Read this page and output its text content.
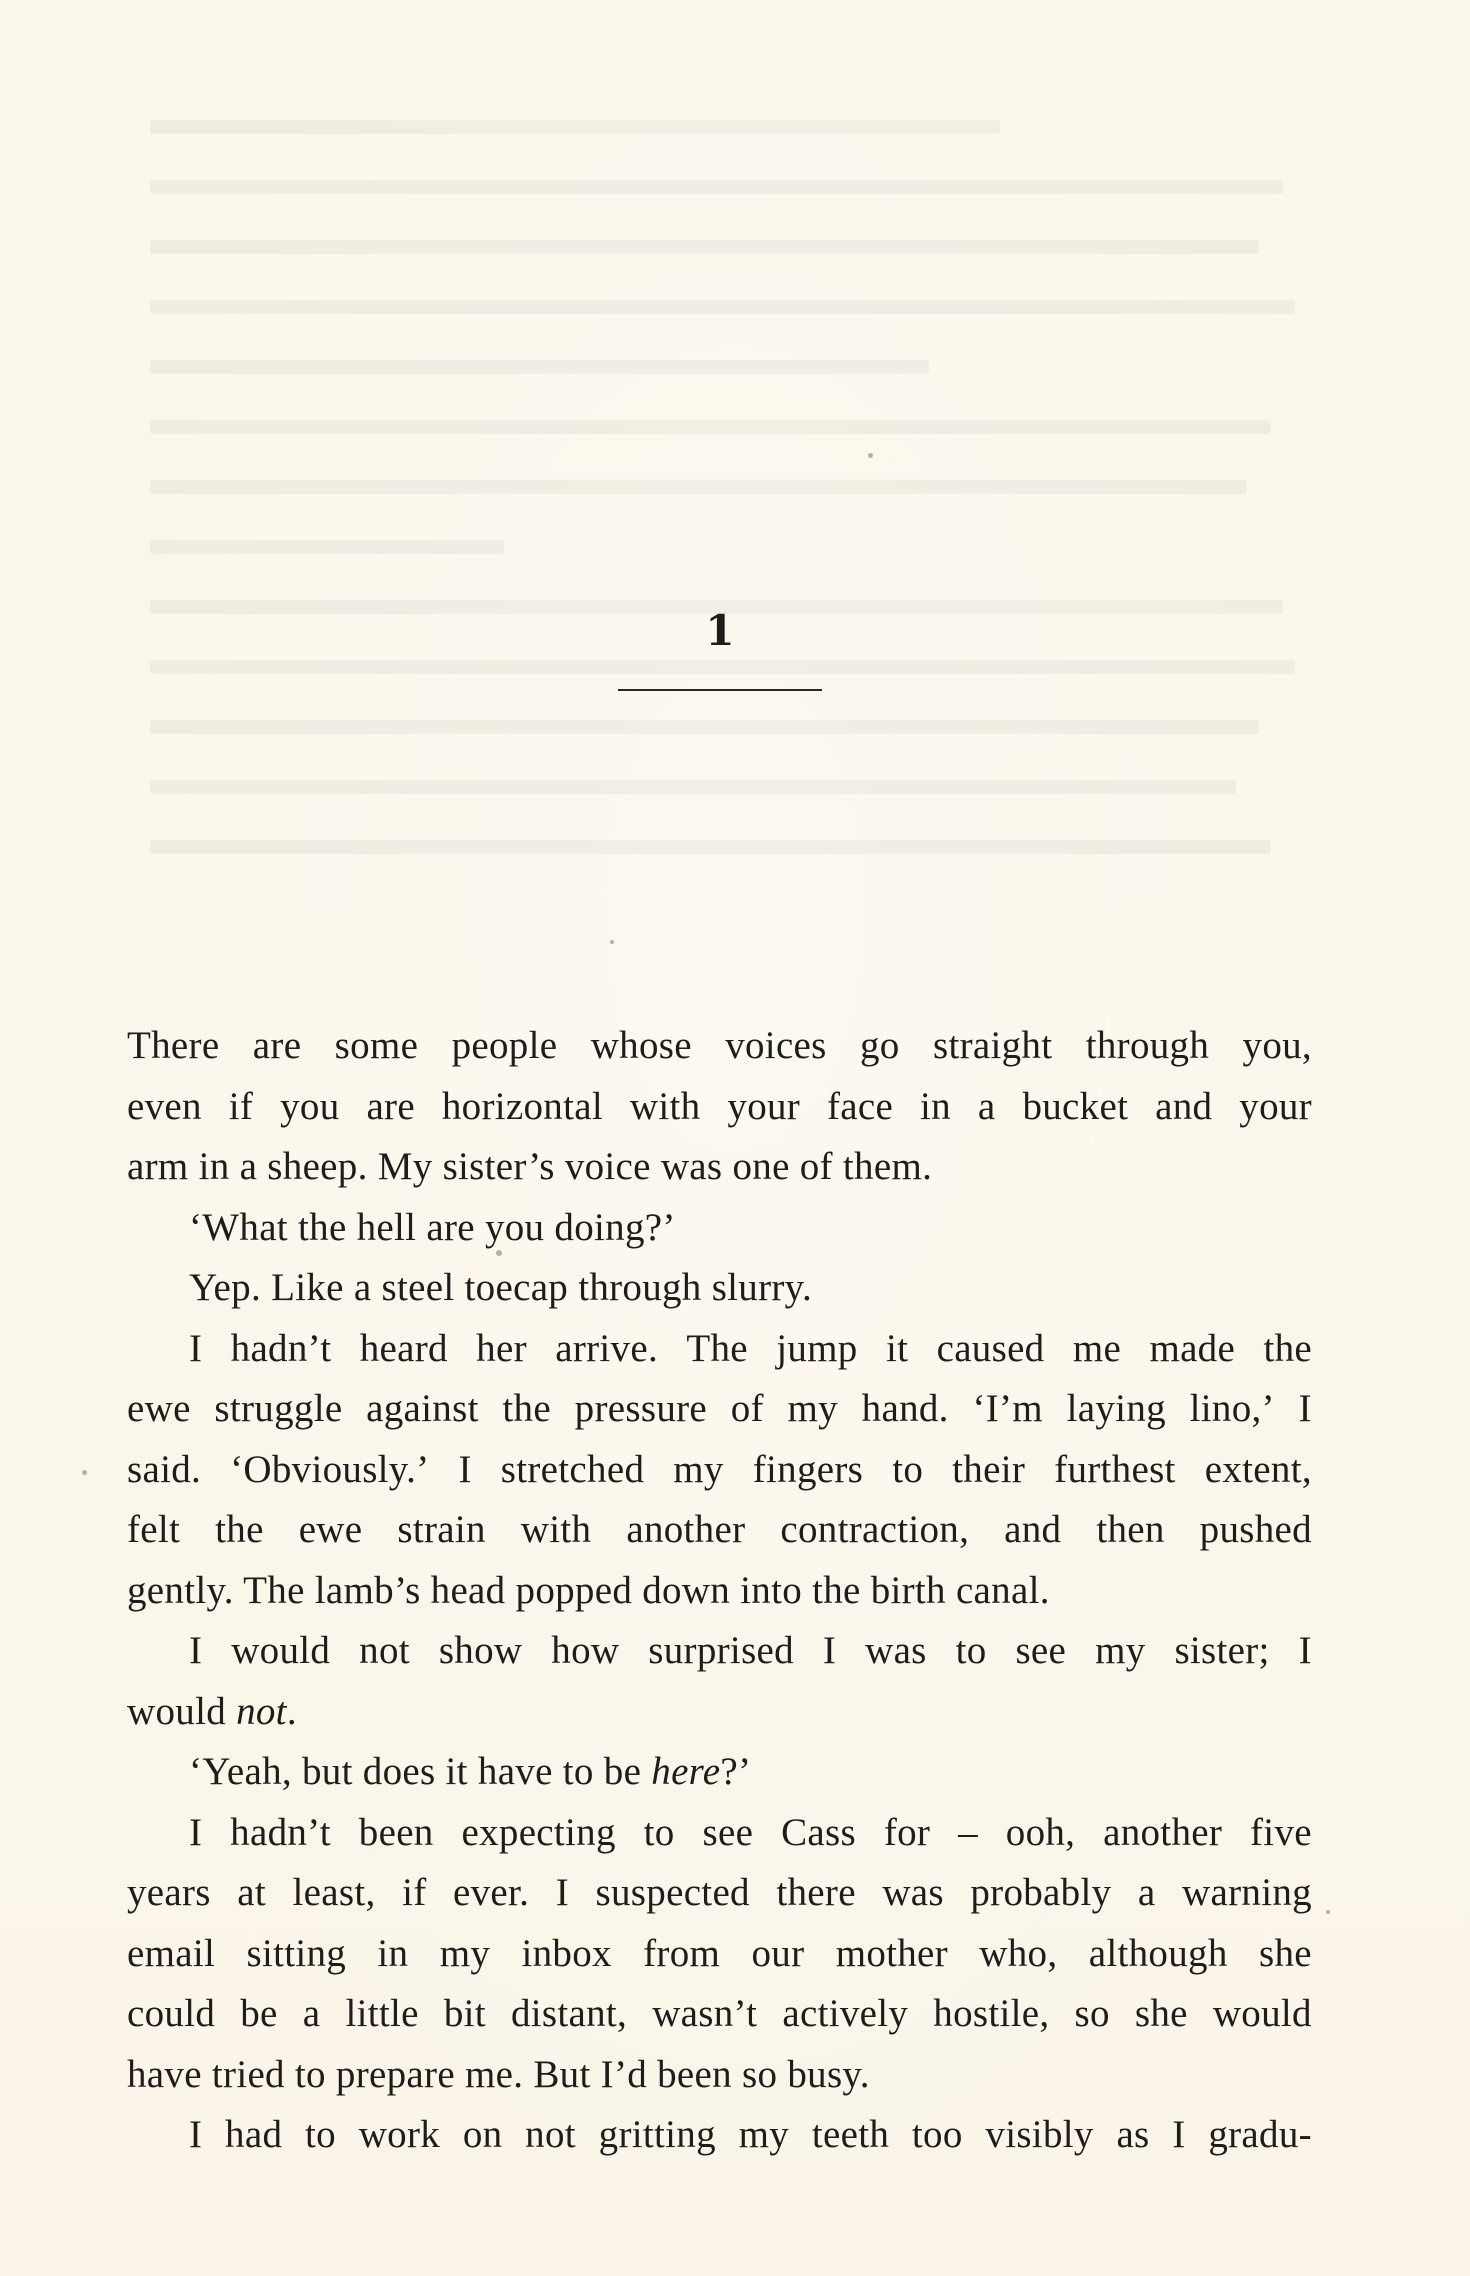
1
There are some people whose voices go straight through you,
even if you are horizontal with your face in a bucket and your
arm in a sheep. My sister’s voice was one of them.
‘What the hell are you doing?’
Yep. Like a steel toecap through slurry.
I hadn’t heard her arrive. The jump it caused me made the
ewe struggle against the pressure of my hand. ‘I’m laying lino,’ I
said. ‘Obviously.’ I stretched my fingers to their furthest extent,
felt the ewe strain with another contraction, and then pushed
gently. The lamb’s head popped down into the birth canal.
I would not show how surprised I was to see my sister; I
would not.
‘Yeah, but does it have to be here?’
I hadn’t been expecting to see Cass for – ooh, another five
years at least, if ever. I suspected there was probably a warning
email sitting in my inbox from our mother who, although she
could be a little bit distant, wasn’t actively hostile, so she would
have tried to prepare me. But I’d been so busy.
I had to work on not gritting my teeth too visibly as I gradu-
